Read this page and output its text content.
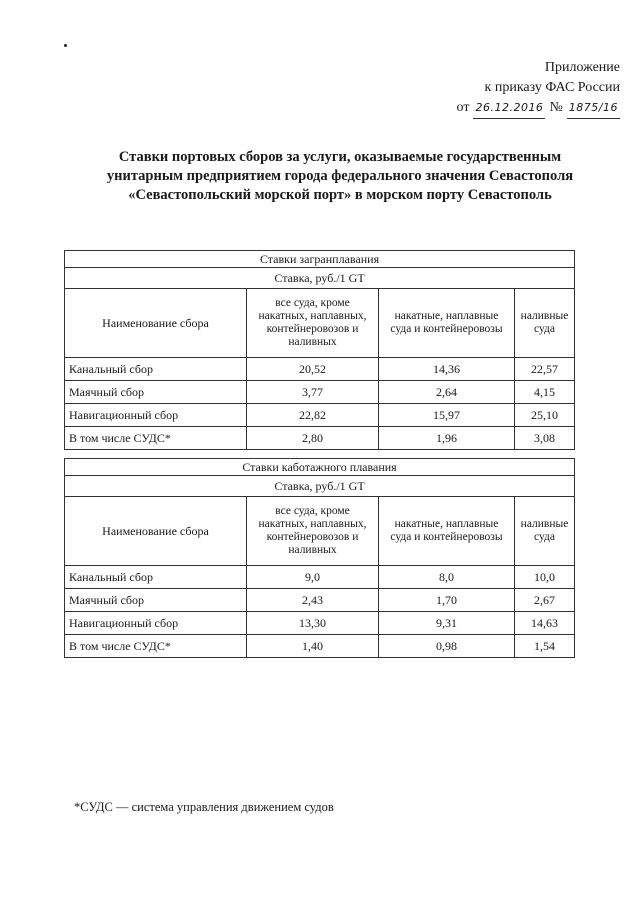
Приложение
к приказу ФАС России
от 26.12.2016 № 1875/16
Ставки портовых сборов за услуги, оказываемые государственным унитарным предприятием города федерального значения Севастополя «Севастопольский морской порт» в морском порту Севастополь
Ставки загранплавания			
Ставка, руб./1 GT			
Наименование сбора	все суда, кроме накатных, наплавных, контейнеровозов и наливных	накатные, наплавные суда и контейнеровозы	наливные суда
Канальный сбор	20,52	14,36	22,57
Маячный сбор	3,77	2,64	4,15
Навигационный сбор	22,82	15,97	25,10
В том числе СУДС*	2,80	1,96	3,08
Ставки каботажного плавания			
Ставка, руб./1 GT			
Наименование сбора	все суда, кроме накатных, наплавных, контейнеровозов и наливных	накатные, наплавные суда и контейнеровозы	наливные суда
Канальный сбор	9,0	8,0	10,0
Маячный сбор	2,43	1,70	2,67
Навигационный сбор	13,30	9,31	14,63
В том числе СУДС*	1,40	0,98	1,54
*СУДС — система управления движением судов
